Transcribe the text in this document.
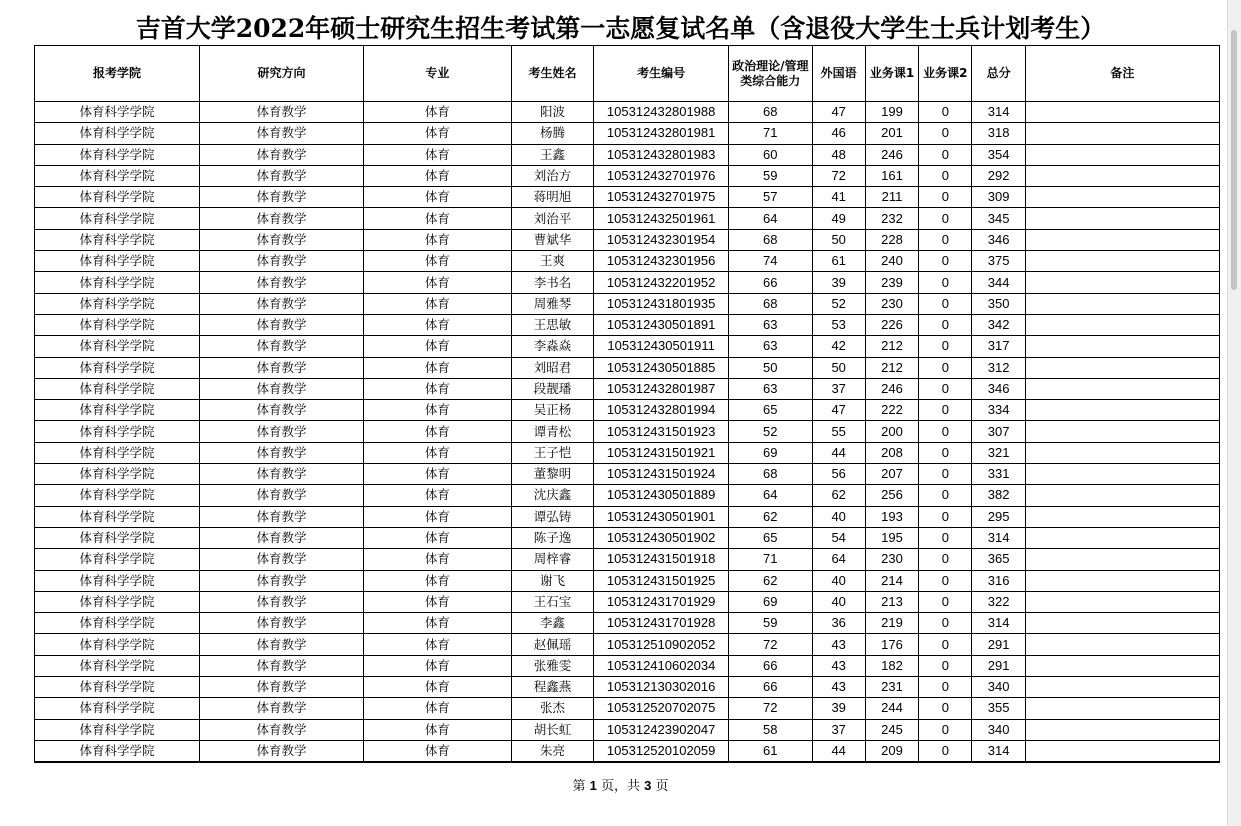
吉首大学2022年硕士研究生招生考试第一志愿复试名单（含退役大学生士兵计划考生）
报考学院	研究方向	专业	考生姓名	考生编号	政治理论/管理类综合能力	外国语	业务课1	业务课2	总分	备注
体育科学学院	体育教学	体育	阳波	105312432801988	68	47	199	0	314	
体育科学学院	体育教学	体育	杨腾	105312432801981	71	46	201	0	318	
体育科学学院	体育教学	体育	王鑫	105312432801983	60	48	246	0	354	
体育科学学院	体育教学	体育	刘治方	105312432701976	59	72	161	0	292	
体育科学学院	体育教学	体育	蒋明旭	105312432701975	57	41	211	0	309	
体育科学学院	体育教学	体育	刘治平	105312432501961	64	49	232	0	345	
体育科学学院	体育教学	体育	曹斌华	105312432301954	68	50	228	0	346	
体育科学学院	体育教学	体育	王爽	105312432301956	74	61	240	0	375	
体育科学学院	体育教学	体育	李书名	105312432201952	66	39	239	0	344	
体育科学学院	体育教学	体育	周雅琴	105312431801935	68	52	230	0	350	
体育科学学院	体育教学	体育	王思敏	105312430501891	63	53	226	0	342	
体育科学学院	体育教学	体育	李淼焱	105312430501911	63	42	212	0	317	
体育科学学院	体育教学	体育	刘昭君	105312430501885	50	50	212	0	312	
体育科学学院	体育教学	体育	段靓璠	105312432801987	63	37	246	0	346	
体育科学学院	体育教学	体育	吴正杨	105312432801994	65	47	222	0	334	
体育科学学院	体育教学	体育	谭青松	105312431501923	52	55	200	0	307	
体育科学学院	体育教学	体育	王子恺	105312431501921	69	44	208	0	321	
体育科学学院	体育教学	体育	董黎明	105312431501924	68	56	207	0	331	
体育科学学院	体育教学	体育	沈庆鑫	105312430501889	64	62	256	0	382	
体育科学学院	体育教学	体育	谭弘铸	105312430501901	62	40	193	0	295	
体育科学学院	体育教学	体育	陈子逸	105312430501902	65	54	195	0	314	
体育科学学院	体育教学	体育	周梓睿	105312431501918	71	64	230	0	365	
体育科学学院	体育教学	体育	谢飞	105312431501925	62	40	214	0	316	
体育科学学院	体育教学	体育	王石宝	105312431701929	69	40	213	0	322	
体育科学学院	体育教学	体育	李鑫	105312431701928	59	36	219	0	314	
体育科学学院	体育教学	体育	赵佩瑶	105312510902052	72	43	176	0	291	
体育科学学院	体育教学	体育	张雅雯	105312410602034	66	43	182	0	291	
体育科学学院	体育教学	体育	程鑫燕	105312130302016	66	43	231	0	340	
体育科学学院	体育教学	体育	张杰	105312520702075	72	39	244	0	355	
体育科学学院	体育教学	体育	胡长虹	105312423902047	58	37	245	0	340	
体育科学学院	体育教学	体育	朱亮	105312520102059	61	44	209	0	314	
第 1 页，共 3 页
